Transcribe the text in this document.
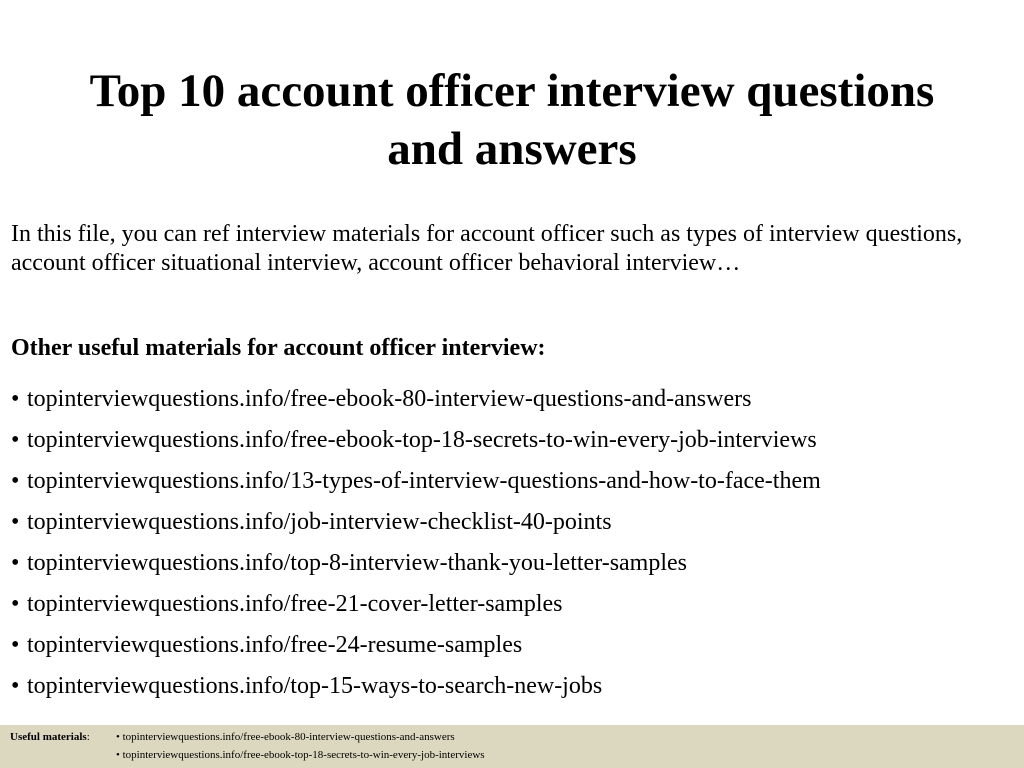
Top 10 account officer interview questions
and answers

In this file, you can ref interview materials for account officer such as types of interview questions, account officer situational interview, account officer behavioral interview…

Other useful materials for account officer interview:

• topinterviewquestions.info/free-ebook-80-interview-questions-and-answers
• topinterviewquestions.info/free-ebook-top-18-secrets-to-win-every-job-interviews
• topinterviewquestions.info/13-types-of-interview-questions-and-how-to-face-them
• topinterviewquestions.info/job-interview-checklist-40-points
• topinterviewquestions.info/top-8-interview-thank-you-letter-samples
• topinterviewquestions.info/free-21-cover-letter-samples
• topinterviewquestions.info/free-24-resume-samples
• topinterviewquestions.info/top-15-ways-to-search-new-jobs
Useful materials: • topinterviewquestions.info/free-ebook-80-interview-questions-and-answers
• topinterviewquestions.info/free-ebook-top-18-secrets-to-win-every-job-interviews
